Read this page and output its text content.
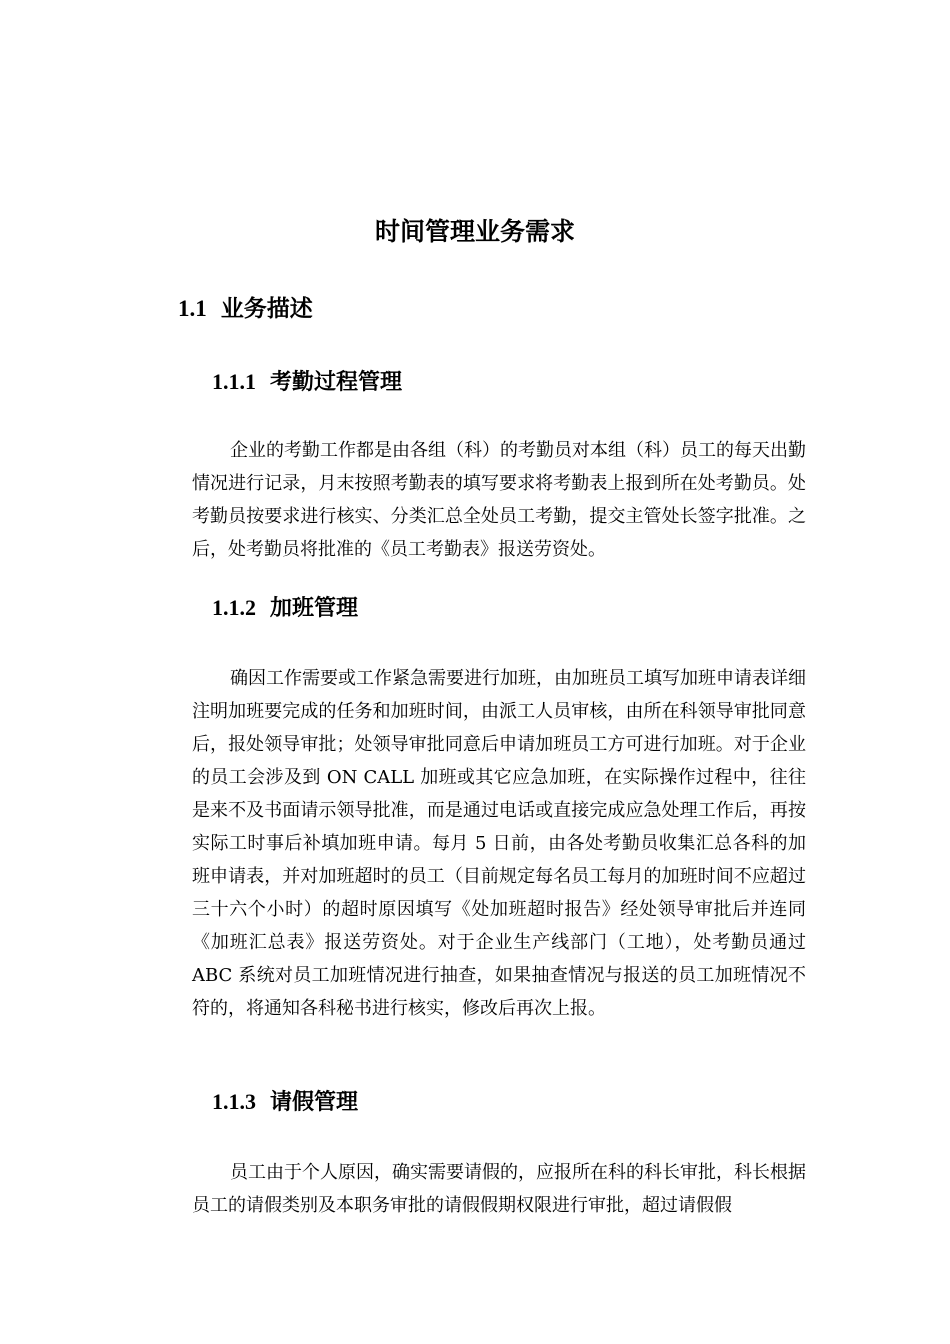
时间管理业务需求
1.1 业务描述
1.1.1 考勤过程管理

企业的考勤工作都是由各组（科）的考勤员对本组（科）员工的每天出勤情况进行记录，月末按照考勤表的填写要求将考勤表上报到所在处考勤员。处考勤员按要求进行核实、分类汇总全处员工考勤，提交主管处长签字批准。之后，处考勤员将批准的《员工考勤表》报送劳资处。

1.1.2 加班管理

确因工作需要或工作紧急需要进行加班，由加班员工填写加班申请表详细注明加班要完成的任务和加班时间，由派工人员审核，由所在科领导审批同意后，报处领导审批；处领导审批同意后申请加班员工方可进行加班。对于企业的员工会涉及到 ON CALL 加班或其它应急加班，在实际操作过程中，往往是来不及书面请示领导批准，而是通过电话或直接完成应急处理工作后，再按实际工时事后补填加班申请。每月 5 日前，由各处考勤员收集汇总各科的加班申请表，并对加班超时的员工（目前规定每名员工每月的加班时间不应超过三十六个小时）的超时原因填写《处加班超时报告》经处领导审批后并连同《加班汇总表》报送劳资处。对于企业生产线部门（工地），处考勤员通过 ABC 系统对员工加班情况进行抽查，如果抽查情况与报送的员工加班情况不符的，将通知各科秘书进行核实，修改后再次上报。

1.1.3 请假管理

员工由于个人原因，确实需要请假的，应报所在科的科长审批，科长根据员工的请假类别及本职务审批的请假假期权限进行审批，超过请假假
